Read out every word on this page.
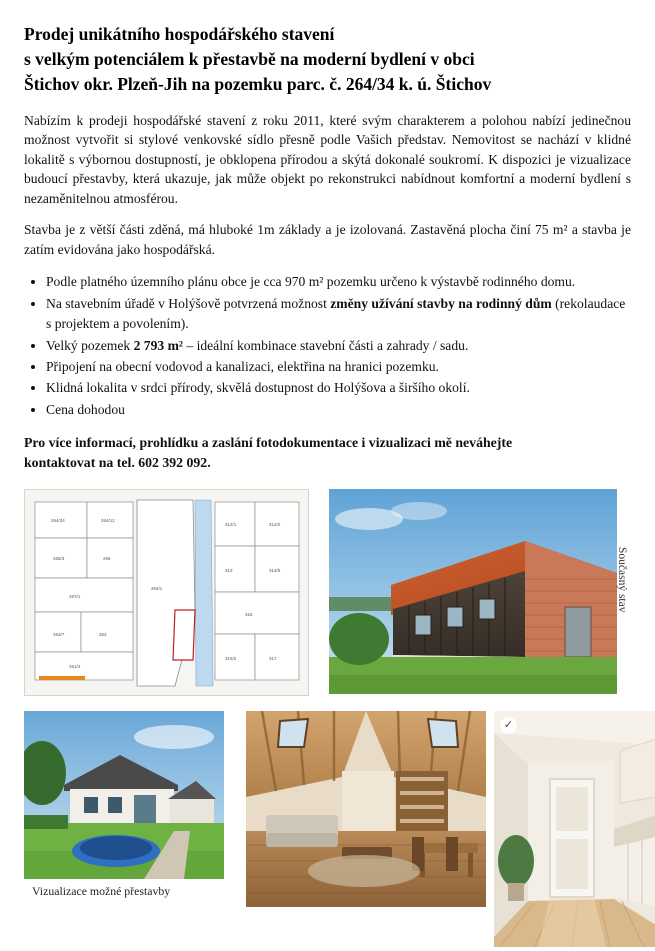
Prodej unikátního hospodářského stavení
s velkým potenciálem k přestavbě na moderní bydlení v obci
Štichov okr. Plzeň-Jih na pozemku parc. č. 264/34 k. ú. Štichov

Nabízím k prodeji hospodářské stavení z roku 2011, které svým charakterem a polohou nabízí jedinečnou možnost vytvořit si stylové venkovské sídlo přesně podle Vašich představ. Nemovitost se nachází v klidné lokalitě s výbornou dostupností, je obklopena přírodou a skýtá dokonalé soukromí. K dispozici je vizualizace budoucí přestavby, která ukazuje, jak může objekt po rekonstrukci nabídnout komfortní a moderní bydlení s nezaměnitelnou atmosférou.

Stavba je z větší části zděná, má hluboké 1m základy a je izolovaná. Zastavěná plocha činí 75 m² a stavba je zatím evidována jako hospodářská.

• Podle platného územního plánu obce je cca 970 m² pozemku určeno k výstavbě rodinného domu.
• Na stavebním úřadě v Holýšově potvrzená možnost změny užívání stavby na rodinný dům (rekolaudace s projektem a povolením).
• Velký pozemek 2 793 m² – ideální kombinace stavební části a zahrady / sadu.
• Připojení na obecní vodovod a kanalizaci, elektřina na hranici pozemku.
• Klidná lokalita v srdci přírody, skvělá dostupnost do Holýšova a širšího okolí.
• Cena dohodou
Pro více informací, prohlídku a zaslání fotodokumentace i vizualizaci mě neváhejte
kontaktovat na tel. 602 392 092.
264/34	264/12
265/3	266
267/1
263/7	262
261/4
312/1	312/2
313	314/5
315
316/2	317
264/1	Současný stav
Vizualizace možné přestavby
✓
